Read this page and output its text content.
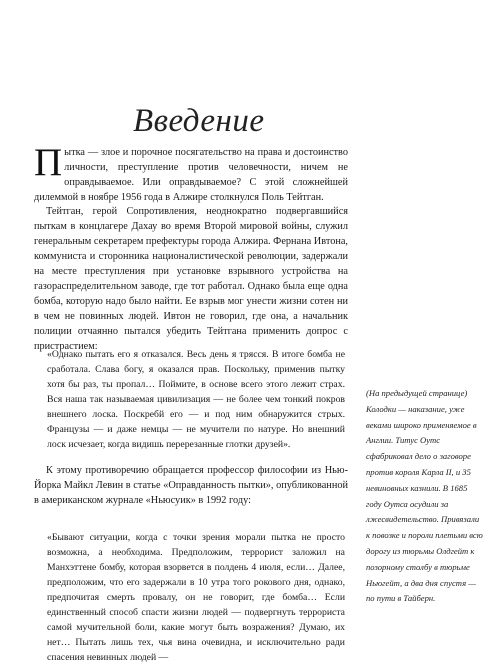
Введение

Пытка — злое и порочное посягательство на права и достоинство личности, преступление против человечности, ничем не оправдываемое. Или оправдываемое? С этой сложнейшей дилеммой в ноябре 1956 года в Алжире столкнулся Поль Тейтган.

Тейтган, герой Сопротивления, неоднократно подвергавшийся пыткам в концлагере Дахау во время Второй мировой войны, служил генеральным секретарем префектуры города Алжира. Фернана Ивтона, коммуниста и сторонника националистической революции, задержали на месте преступления при установке взрывного устройства на газораспределительном заводе, где тот работал. Однако была еще одна бомба, которую надо было найти. Ее взрыв мог унести жизни сотен ни в чем не повинных людей. Ивтон не говорил, где она, а начальник полиции отчаянно пытался убедить Тейтгана применить допрос с пристрастием:

«Однако пытать его я отказался. Весь день я трясся. В итоге бомба не сработала. Слава богу, я оказался прав. Поскольку, применив пытку хотя бы раз, ты пропал… Поймите, в основе всего этого лежит страх. Вся наша так называемая цивилизация — не более чем тонкий покров внешнего лоска. Поскребй его — и под ним обнаружится стрых. Французы — и даже немцы — не мучители по натуре. Но внешний лоск исчезает, когда видишь перерезанные глотки друзей».

К этому противоречию обращается профессор философии из Нью-Йорка Майкл Левин в статье «Оправданность пытки», опубликованной в американском журнале «Ньюсуик» в 1992 году:

«Бывают ситуации, когда с точки зрения морали пытка не просто возможна, а необходима. Предположим, террорист заложил на Манхэттене бомбу, которая взорвется в полдень 4 июля, если… Далее, предположим, что его задержали в 10 утра того рокового дня, однако, предпочитая смерть провалу, он не говорит, где бомба… Если единственный способ спасти жизни людей — подвергнуть террориста самой мучительной боли, какие могут быть возражения? Думаю, их нет… Пытать лишь тех, чья вина очевидна, и исключительно ради спасения невинных людей —

(На предыдущей странице) Колодки — наказание, уже веками широко применяемое в Англии. Титус Оутс сфабриковал дело о заговоре против короля Карла II, и 35 невиновных казнили. В 1685 году Оутса осудили за лжесвидетельство. Привязали к повозке и пороли плетьми всю дорогу из тюрьмы Олдгейт к позорному столбу в тюрьме Ньюгейт, а два дня спустя — по пути в Тайберн.
